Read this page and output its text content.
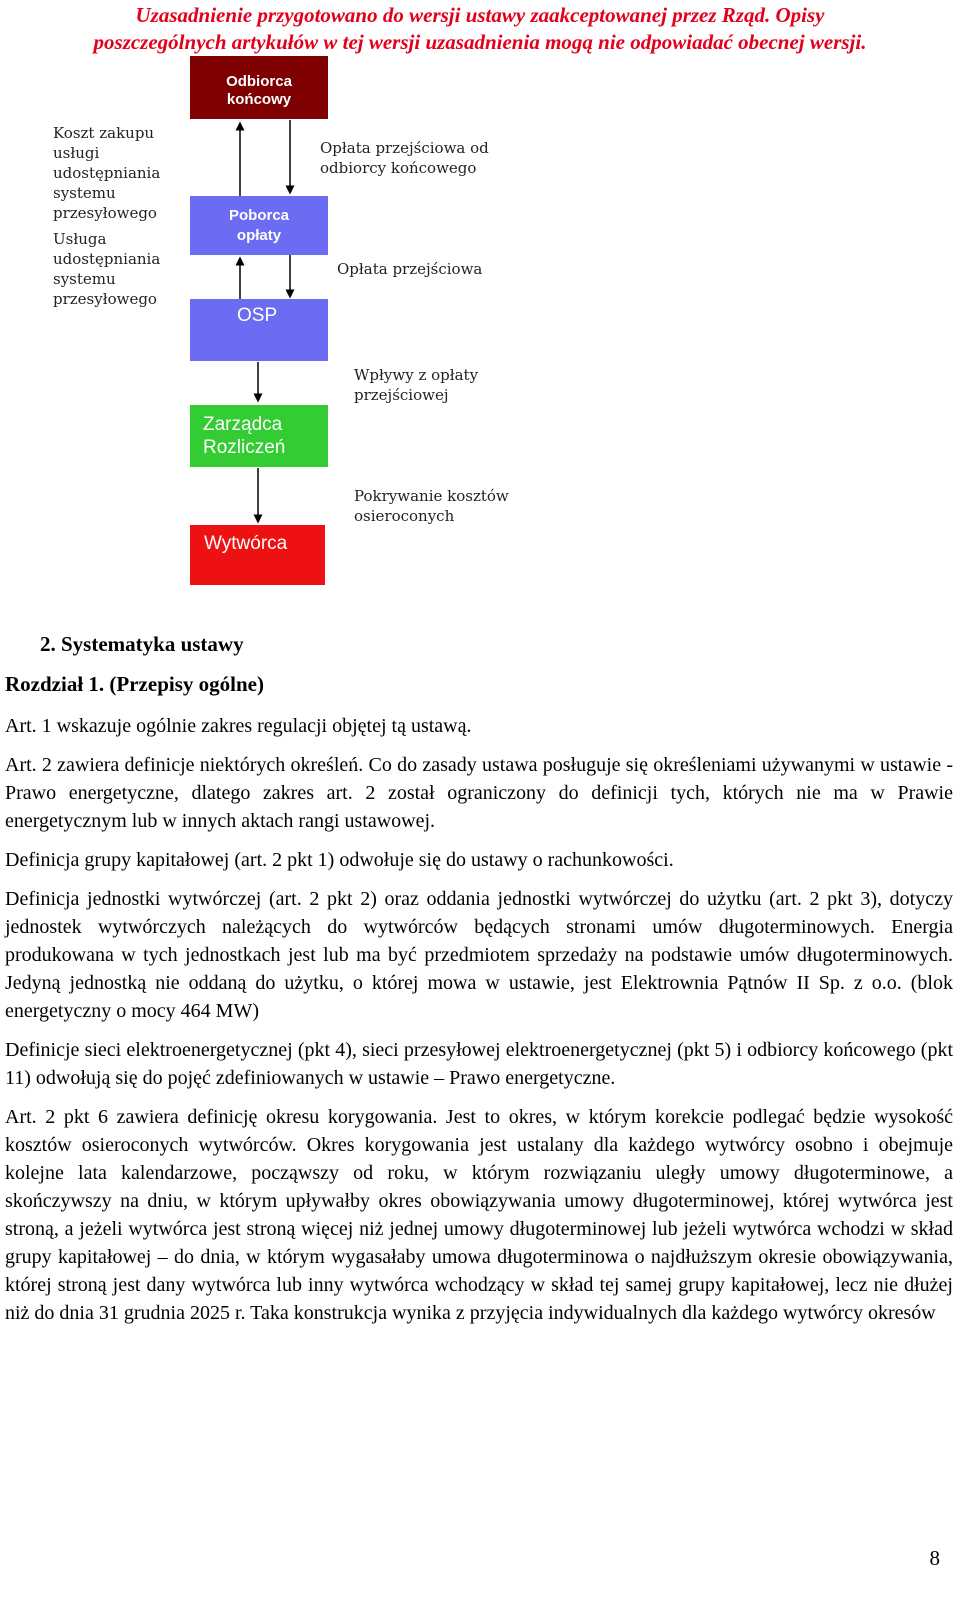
Uzasadnienie przygotowano do wersji ustawy zaakceptowanej przez Rząd. Opisy
poszczególnych artykułów w tej wersji uzasadnienia mogą nie odpowiadać obecnej wersji.
Odbiorca
końcowy
Poborca
opłaty
OSP
Zarządca
Rozliczeń
Wytwórca
Koszt zakupu
usługi
udostępniania
systemu
przesyłowego
Usługa
udostępniania
systemu
przesyłowego
Opłata przejściowa od
odbiorcy końcowego
Opłata przejściowa
Wpływy z opłaty
przejściowej
Pokrywanie kosztów
osieroconych
2. Systematyka ustawy
Rozdział 1. (Przepisy ogólne)

Art. 1 wskazuje ogólnie zakres regulacji objętej tą ustawą.

Art. 2 zawiera definicje niektórych określeń. Co do zasady ustawa posługuje się określeniami używanymi w ustawie - Prawo energetyczne, dlatego zakres art. 2 został ograniczony do definicji tych, których nie ma w Prawie energetycznym lub w innych aktach rangi ustawowej.

Definicja grupy kapitałowej (art. 2 pkt 1) odwołuje się do ustawy o rachunkowości.

Definicja jednostki wytwórczej (art. 2 pkt 2) oraz oddania jednostki wytwórczej do użytku (art. 2 pkt 3), dotyczy jednostek wytwórczych należących do wytwórców będących stronami umów długoterminowych. Energia produkowana w tych jednostkach jest lub ma być przedmiotem sprzedaży na podstawie umów długoterminowych. Jedyną jednostką nie oddaną do użytku, o której mowa w ustawie, jest Elektrownia Pątnów II Sp. z o.o. (blok energetyczny o mocy 464 MW)

Definicje sieci elektroenergetycznej (pkt 4), sieci przesyłowej elektroenergetycznej (pkt 5) i odbiorcy końcowego (pkt 11) odwołują się do pojęć zdefiniowanych w ustawie – Prawo energetyczne.

Art. 2 pkt 6 zawiera definicję okresu korygowania. Jest to okres, w którym korekcie podlegać będzie wysokość kosztów osieroconych wytwórców. Okres korygowania jest ustalany dla każdego wytwórcy osobno i obejmuje kolejne lata kalendarzowe, począwszy od roku, w którym rozwiązaniu uległy umowy długoterminowe, a skończywszy na dniu, w którym upływałby okres obowiązywania umowy długoterminowej, której wytwórca jest stroną, a jeżeli wytwórca jest stroną więcej niż jednej umowy długoterminowej lub jeżeli wytwórca wchodzi w skład grupy kapitałowej – do dnia, w którym wygasałaby umowa długoterminowa o najdłuższym okresie obowiązywania, której stroną jest dany wytwórca lub inny wytwórca wchodzący w skład tej samej grupy kapitałowej, lecz nie dłużej niż do dnia 31 grudnia 2025 r. Taka konstrukcja wynika z przyjęcia indywidualnych dla każdego wytwórcy okresów

8
